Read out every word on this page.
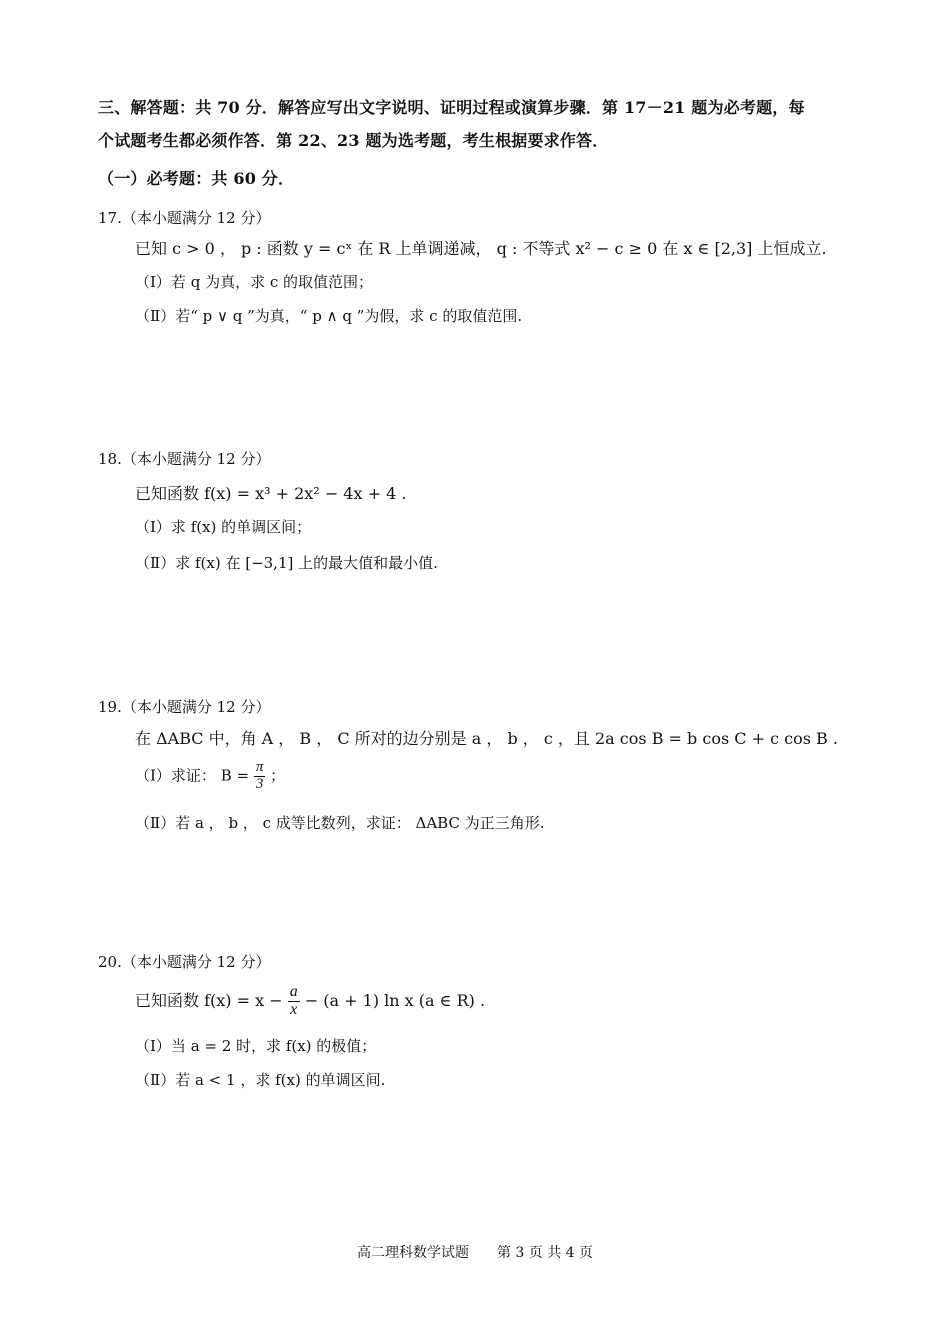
三、解答题：共 70 分．解答应写出文字说明、证明过程或演算步骤．第 17－21 题为必考题，每
个试题考生都必须作答．第 22、23 题为选考题，考生根据要求作答．
（一）必考题：共 60 分．
17.（本小题满分 12 分）
已知 c > 0 ， p : 函数 y = cˣ 在 R 上单调递减， q : 不等式 x² − c ≥ 0 在 x ∈ [2,3] 上恒成立.
（I）若 q 为真，求 c 的取值范围；
（Ⅱ）若“ p ∨ q ”为真，“ p ∧ q ”为假，求 c 的取值范围.
18.（本小题满分 12 分）
已知函数 f(x) = x³ + 2x² − 4x + 4 .
（I）求 f(x) 的单调区间；
（Ⅱ）求 f(x) 在 [−3,1] 上的最大值和最小值.
19.（本小题满分 12 分）
在 ΔABC 中，角 A ， B ， C 所对的边分别是 a ， b ， c ，且 2a cos B = b cos C + c cos B .
（I）求证： $B = \frac{\pi}{3}$ ；
（Ⅱ）若 a ， b ， c 成等比数列，求证： ΔABC 为正三角形.
20.（本小题满分 12 分）
已知函数 $f(x) = x - \frac{a}{x} - (a + 1)$ ln x (a ∈ R) .
（I）当 a = 2 时，求 f(x) 的极值；
（Ⅱ）若 a < 1 ，求 f(x) 的单调区间.
高二理科数学试题　　第 3 页 共 4 页
